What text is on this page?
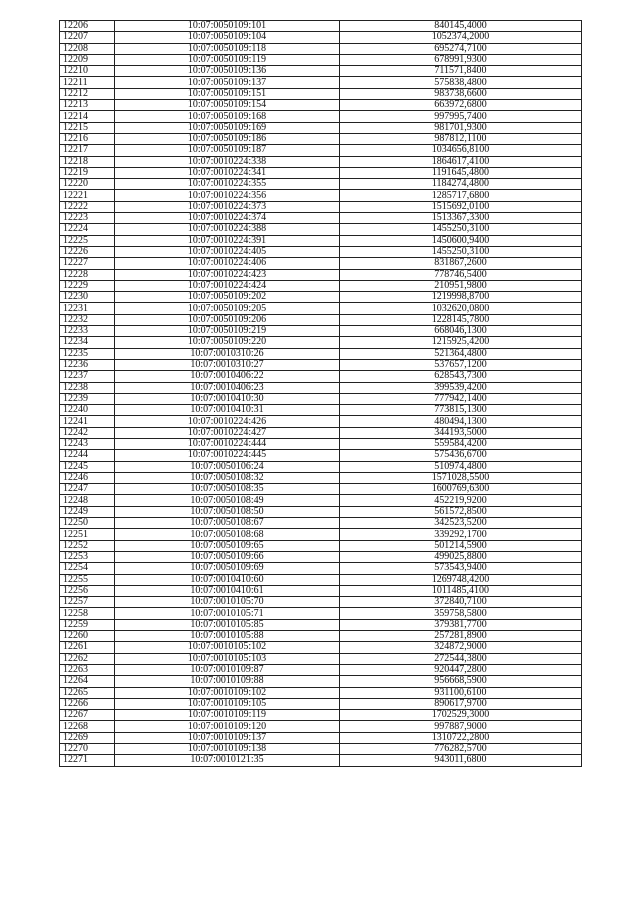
12206	10:07:0050109:101	840145,4000
12207	10:07:0050109:104	1052374,2000
12208	10:07:0050109:118	695274,7100
12209	10:07:0050109:119	678991,9300
12210	10:07:0050109:136	711571,8400
12211	10:07:0050109:137	575838,4800
12212	10:07:0050109:151	983738,6600
12213	10:07:0050109:154	663972,6800
12214	10:07:0050109:168	997995,7400
12215	10:07:0050109:169	981701,9300
12216	10:07:0050109:186	987812,1100
12217	10:07:0050109:187	1034656,8100
12218	10:07:0010224:338	1864617,4100
12219	10:07:0010224:341	1191645,4800
12220	10:07:0010224:355	1184274,4800
12221	10:07:0010224:356	1285717,6800
12222	10:07:0010224:373	1515692,0100
12223	10:07:0010224:374	1513367,3300
12224	10:07:0010224:388	1455250,3100
12225	10:07:0010224:391	1450600,9400
12226	10:07:0010224:405	1455250,3100
12227	10:07:0010224:406	831867,2600
12228	10:07:0010224:423	778746,5400
12229	10:07:0010224:424	210951,9800
12230	10:07:0050109:202	1219998,8700
12231	10:07:0050109:205	1032620,0800
12232	10:07:0050109:206	1228145,7800
12233	10:07:0050109:219	668046,1300
12234	10:07:0050109:220	1215925,4200
12235	10:07:0010310:26	521364,4800
12236	10:07:0010310:27	537657,1200
12237	10:07:0010406:22	628543,7300
12238	10:07:0010406:23	399539,4200
12239	10:07:0010410:30	777942,1400
12240	10:07:0010410:31	773815,1300
12241	10:07:0010224:426	480494,1300
12242	10:07:0010224:427	344193,5000
12243	10:07:0010224:444	559584,4200
12244	10:07:0010224:445	575436,6700
12245	10:07:0050106:24	510974,4800
12246	10:07:0050108:32	1571028,5500
12247	10:07:0050108:35	1600769,6300
12248	10:07:0050108:49	452219,9200
12249	10:07:0050108:50	561572,8500
12250	10:07:0050108:67	342523,5200
12251	10:07:0050108:68	339292,1700
12252	10:07:0050109:65	501214,5900
12253	10:07:0050109:66	499025,8800
12254	10:07:0050109:69	573543,9400
12255	10:07:0010410:60	1269748,4200
12256	10:07:0010410:61	1011485,4100
12257	10:07:0010105:70	372840,7100
12258	10:07:0010105:71	359758,5800
12259	10:07:0010105:85	379381,7700
12260	10:07:0010105:88	257281,8900
12261	10:07:0010105:102	324872,9000
12262	10:07:0010105:103	272544,3800
12263	10:07:0010109:87	920447,2800
12264	10:07:0010109:88	956668,5900
12265	10:07:0010109:102	931100,6100
12266	10:07:0010109:105	890617,9700
12267	10:07:0010109:119	1702529,3000
12268	10:07:0010109:120	997887,9000
12269	10:07:0010109:137	1310722,2800
12270	10:07:0010109:138	776282,5700
12271	10:07:0010121:35	943011,6800
